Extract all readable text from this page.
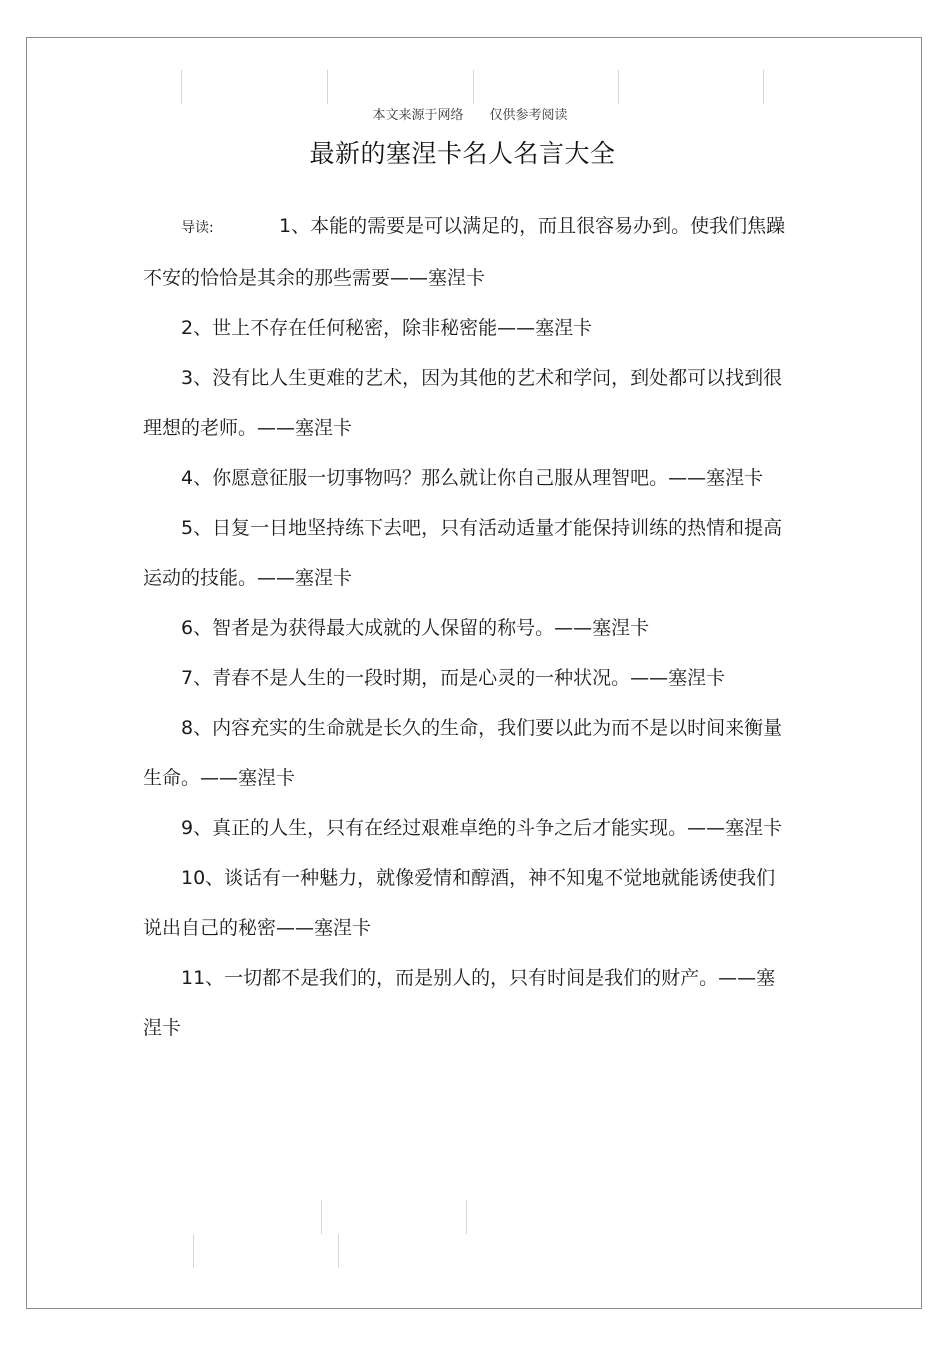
本文来源于网络　　仅供参考阅读
最新的塞涅卡名人名言大全

导读:	1、本能的需要是可以满足的，而且很容易办到。使我们焦躁不安的恰恰是其余的那些需要——塞涅卡

2、世上不存在任何秘密，除非秘密能——塞涅卡

3、没有比人生更难的艺术，因为其他的艺术和学问，到处都可以找到很理想的老师。——塞涅卡

4、你愿意征服一切事物吗？那么就让你自己服从理智吧。——塞涅卡

5、日复一日地坚持练下去吧，只有活动适量才能保持训练的热情和提高运动的技能。——塞涅卡

6、智者是为获得最大成就的人保留的称号。——塞涅卡

7、青春不是人生的一段时期，而是心灵的一种状况。——塞涅卡

8、内容充实的生命就是长久的生命，我们要以此为而不是以时间来衡量生命。——塞涅卡

9、真正的人生，只有在经过艰难卓绝的斗争之后才能实现。——塞涅卡

10、谈话有一种魅力，就像爱情和醇酒，神不知鬼不觉地就能诱使我们说出自己的秘密——塞涅卡

11、一切都不是我们的，而是别人的，只有时间是我们的财产。——塞涅卡
